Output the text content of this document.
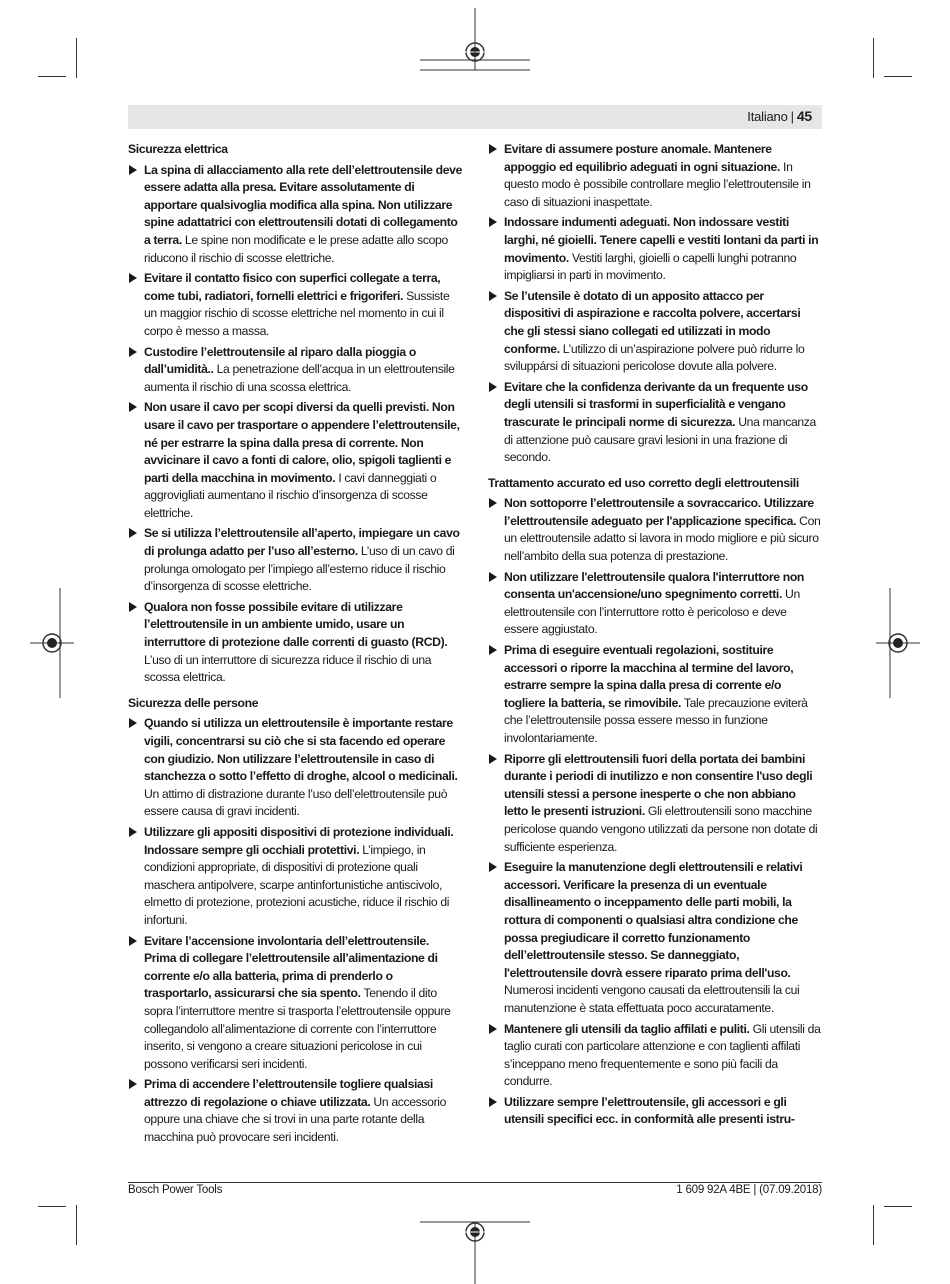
Italiano | 45
Sicurezza elettrica
La spina di allacciamento alla rete dell’elettroutensile deve essere adatta alla presa. Evitare assolutamente di apportare qualsivoglia modifica alla spina. Non utilizzare spine adattatrici con elettroutensili dotati di collegamento a terra. Le spine non modificate e le prese adatte allo scopo riducono il rischio di scosse elettriche.
Evitare il contatto fisico con superfici collegate a terra, come tubi, radiatori, fornelli elettrici e frigoriferi. Sussiste un maggior rischio di scosse elettriche nel momento in cui il corpo è messo a massa.
Custodire l’elettroutensile al riparo dalla pioggia o dall’umidità.. La penetrazione dell’acqua in un elettroutensile aumenta il rischio di una scossa elettrica.
Non usare il cavo per scopi diversi da quelli previsti. Non usare il cavo per trasportare o appendere l’elettroutensile, né per estrarre la spina dalla presa di corrente. Non avvicinare il cavo a fonti di calore, olio, spigoli taglienti e parti della macchina in movimento. I cavi danneggiati o aggrovigliati aumentano il rischio d’insorgenza di scosse elettriche.
Se si utilizza l’elettroutensile all’aperto, impiegare un cavo di prolunga adatto per l’uso all’esterno. L’uso di un cavo di prolunga omologato per l’impiego all’esterno riduce il rischio d’insorgenza di scosse elettriche.
Qualora non fosse possibile evitare di utilizzare l’elettroutensile in un ambiente umido, usare un interruttore di protezione dalle correnti di guasto (RCD). L’uso di un interruttore di sicurezza riduce il rischio di una scossa elettrica.
Sicurezza delle persone
Quando si utilizza un elettroutensile è importante restare vigili, concentrarsi su ciò che si sta facendo ed operare con giudizio. Non utilizzare l’elettroutensile in caso di stanchezza o sotto l’effetto di droghe, alcool o medicinali. Un attimo di distrazione durante l’uso dell’elettroutensile può essere causa di gravi incidenti.
Utilizzare gli appositi dispositivi di protezione individuali. Indossare sempre gli occhiali protettivi. L’impiego, in condizioni appropriate, di dispositivi di protezione quali maschera antipolvere, scarpe antinfortunistiche antiscivolo, elmetto di protezione, protezioni acustiche, riduce il rischio di infortuni.
Evitare l’accensione involontaria dell’elettroutensile. Prima di collegare l’elettroutensile all’alimentazione di corrente e/o alla batteria, prima di prenderlo o trasportarlo, assicurarsi che sia spento. Tenendo il dito sopra l’interruttore mentre si trasporta l’elettroutensile oppure collegandolo all’alimentazione di corrente con l’interruttore inserito, si vengono a creare situazioni pericolose in cui possono verificarsi seri incidenti.
Prima di accendere l’elettroutensile togliere qualsiasi attrezzo di regolazione o chiave utilizzata. Un accessorio oppure una chiave che si trovi in una parte rotante della macchina può provocare seri incidenti.
Evitare di assumere posture anomale. Mantenere appoggio ed equilibrio adeguati in ogni situazione. In questo modo è possibile controllare meglio l’elettroutensile in caso di situazioni inaspettate.
Indossare indumenti adeguati. Non indossare vestiti larghi, né gioielli. Tenere capelli e vestiti lontani da parti in movimento. Vestiti larghi, gioielli o capelli lunghi potranno impigliarsi in parti in movimento.
Se l’utensile è dotato di un apposito attacco per dispositivi di aspirazione e raccolta polvere, accertarsi che gli stessi siano collegati ed utilizzati in modo conforme. L’utilizzo di un’aspirazione polvere può ridurre lo sviluppársi di situazioni pericolose dovute alla polvere.
Evitare che la confidenza derivante da un frequente uso degli utensili si trasformi in superficialità e vengano trascurate le principali norme di sicurezza. Una mancanza di attenzione può causare gravi lesioni in una frazione di secondo.
Trattamento accurato ed uso corretto degli elettroutensili
Non sottoporre l’elettroutensile a sovraccarico. Utilizzare l’elettroutensile adeguato per l'applicazione specifica. Con un elettroutensile adatto si lavora in modo migliore e più sicuro nell’ambito della sua potenza di prestazione.
Non utilizzare l'elettroutensile qualora l'interruttore non consenta un'accensione/uno spegnimento corretti. Un elettroutensile con l’interruttore rotto è pericoloso e deve essere aggiustato.
Prima di eseguire eventuali regolazioni, sostituire accessori o riporre la macchina al termine del lavoro, estrarre sempre la spina dalla presa di corrente e/o togliere la batteria, se rimovibile. Tale precauzione eviterà che l’elettroutensile possa essere messo in funzione involontariamente.
Riporre gli elettroutensili fuori della portata dei bambini durante i periodi di inutilizzo e non consentire l'uso degli utensili stessi a persone inesperte o che non abbiano letto le presenti istruzioni. Gli elettroutensili sono macchine pericolose quando vengono utilizzati da persone non dotate di sufficiente esperienza.
Eseguire la manutenzione degli elettroutensili e relativi accessori. Verificare la presenza di un eventuale disallineamento o inceppamento delle parti mobili, la rottura di componenti o qualsiasi altra condizione che possa pregiudicare il corretto funzionamento dell’elettroutensile stesso. Se danneggiato, l'elettroutensile dovrà essere riparato prima dell'uso. Numerosi incidenti vengono causati da elettroutensili la cui manutenzione è stata effettuata poco accuratamente.
Mantenere gli utensili da taglio affilati e puliti. Gli utensili da taglio curati con particolare attenzione e con taglienti affilati s’inceppano meno frequentemente e sono più facili da condurre.
Utilizzare sempre l’elettroutensile, gli accessori e gli utensili specifici ecc. in conformità alle presenti istru-
Bosch Power Tools	1 609 92A 4BE | (07.09.2018)
